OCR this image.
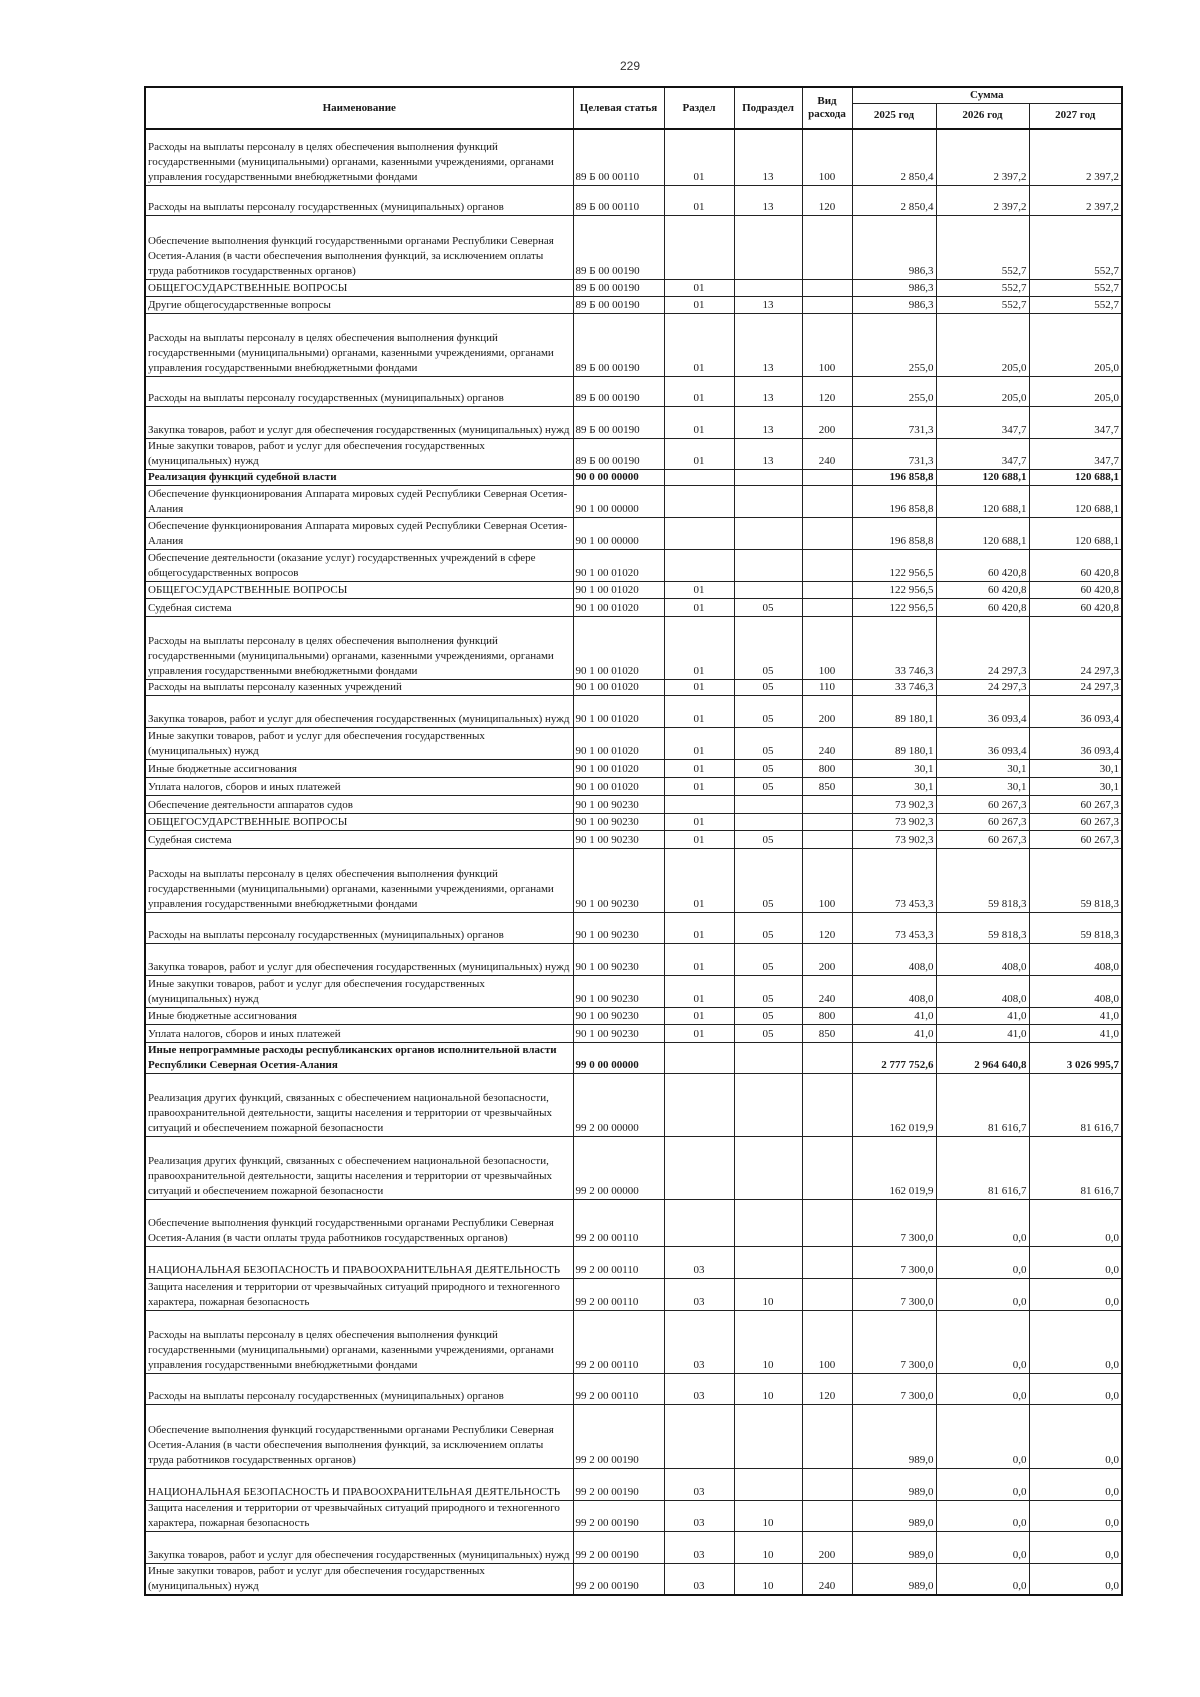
229
Наименование	Целевая статья	Раздел	Подраздел	Вид расхода	Сумма		
					2025 год	2026 год	2027 год
Расходы на выплаты персоналу в целях обеспечения выполнения функций государственными (муниципальными) органами, казенными учреждениями, органами управления государственными внебюджетными фондами	89 Б 00 00110	01	13	100	2 850,4	2 397,2	2 397,2
Расходы на выплаты персоналу государственных (муниципальных) органов	89 Б 00 00110	01	13	120	2 850,4	2 397,2	2 397,2
Обеспечение выполнения функций государственными органами Республики Северная Осетия-Алания (в части обеспечения выполнения функций, за исключением оплаты труда работников государственных органов)	89 Б 00 00190				986,3	552,7	552,7
ОБЩЕГОСУДАРСТВЕННЫЕ ВОПРОСЫ	89 Б 00 00190	01			986,3	552,7	552,7
Другие общегосударственные вопросы	89 Б 00 00190	01	13		986,3	552,7	552,7
Расходы на выплаты персоналу в целях обеспечения выполнения функций государственными (муниципальными) органами, казенными учреждениями, органами управления государственными внебюджетными фондами	89 Б 00 00190	01	13	100	255,0	205,0	205,0
Расходы на выплаты персоналу государственных (муниципальных) органов	89 Б 00 00190	01	13	120	255,0	205,0	205,0
Закупка товаров, работ и услуг для обеспечения государственных (муниципальных) нужд	89 Б 00 00190	01	13	200	731,3	347,7	347,7
Иные закупки товаров, работ и услуг для обеспечения государственных (муниципальных) нужд	89 Б 00 00190	01	13	240	731,3	347,7	347,7
Реализация функций судебной власти	90 0 00 00000				196 858,8	120 688,1	120 688,1
Обеспечение функционирования Аппарата мировых судей Республики Северная Осетия-Алания	90 1 00 00000				196 858,8	120 688,1	120 688,1
Обеспечение функционирования Аппарата мировых судей Республики Северная Осетия-Алания	90 1 00 00000				196 858,8	120 688,1	120 688,1
Обеспечение деятельности (оказание услуг) государственных учреждений в сфере общегосударственных вопросов	90 1 00 01020				122 956,5	60 420,8	60 420,8
ОБЩЕГОСУДАРСТВЕННЫЕ ВОПРОСЫ	90 1 00 01020	01			122 956,5	60 420,8	60 420,8
Судебная система	90 1 00 01020	01	05		122 956,5	60 420,8	60 420,8
Расходы на выплаты персоналу в целях обеспечения выполнения функций государственными (муниципальными) органами, казенными учреждениями, органами управления государственными внебюджетными фондами	90 1 00 01020	01	05	100	33 746,3	24 297,3	24 297,3
Расходы на выплаты персоналу казенных учреждений	90 1 00 01020	01	05	110	33 746,3	24 297,3	24 297,3
Закупка товаров, работ и услуг для обеспечения государственных (муниципальных) нужд	90 1 00 01020	01	05	200	89 180,1	36 093,4	36 093,4
Иные закупки товаров, работ и услуг для обеспечения государственных (муниципальных) нужд	90 1 00 01020	01	05	240	89 180,1	36 093,4	36 093,4
Иные бюджетные ассигнования	90 1 00 01020	01	05	800	30,1	30,1	30,1
Уплата налогов, сборов и иных платежей	90 1 00 01020	01	05	850	30,1	30,1	30,1
Обеспечение деятельности аппаратов судов	90 1 00 90230				73 902,3	60 267,3	60 267,3
ОБЩЕГОСУДАРСТВЕННЫЕ ВОПРОСЫ	90 1 00 90230	01			73 902,3	60 267,3	60 267,3
Судебная система	90 1 00 90230	01	05		73 902,3	60 267,3	60 267,3
Расходы на выплаты персоналу в целях обеспечения выполнения функций государственными (муниципальными) органами, казенными учреждениями, органами управления государственными внебюджетными фондами	90 1 00 90230	01	05	100	73 453,3	59 818,3	59 818,3
Расходы на выплаты персоналу государственных (муниципальных) органов	90 1 00 90230	01	05	120	73 453,3	59 818,3	59 818,3
Закупка товаров, работ и услуг для обеспечения государственных (муниципальных) нужд	90 1 00 90230	01	05	200	408,0	408,0	408,0
Иные закупки товаров, работ и услуг для обеспечения государственных (муниципальных) нужд	90 1 00 90230	01	05	240	408,0	408,0	408,0
Иные бюджетные ассигнования	90 1 00 90230	01	05	800	41,0	41,0	41,0
Уплата налогов, сборов и иных платежей	90 1 00 90230	01	05	850	41,0	41,0	41,0
Иные непрограммные расходы республиканских органов исполнительной власти Республики Северная Осетия-Алания	99 0 00 00000				2 777 752,6	2 964 640,8	3 026 995,7
Реализация других функций, связанных с обеспечением национальной безопасности, правоохранительной деятельности, защиты населения и территории от чрезвычайных ситуаций и обеспечением пожарной безопасности	99 2 00 00000				162 019,9	81 616,7	81 616,7
Реализация других функций, связанных с обеспечением национальной безопасности, правоохранительной деятельности, защиты населения и территории от чрезвычайных ситуаций и обеспечением пожарной безопасности	99 2 00 00000				162 019,9	81 616,7	81 616,7
Обеспечение выполнения функций государственными органами Республики Северная Осетия-Алания (в части оплаты труда работников государственных органов)	99 2 00 00110				7 300,0	0,0	0,0
НАЦИОНАЛЬНАЯ БЕЗОПАСНОСТЬ И ПРАВООХРАНИТЕЛЬНАЯ ДЕЯТЕЛЬНОСТЬ	99 2 00 00110	03			7 300,0	0,0	0,0
Защита населения и территории от чрезвычайных ситуаций природного и техногенного характера, пожарная безопасность	99 2 00 00110	03	10		7 300,0	0,0	0,0
Расходы на выплаты персоналу в целях обеспечения выполнения функций государственными (муниципальными) органами, казенными учреждениями, органами управления государственными внебюджетными фондами	99 2 00 00110	03	10	100	7 300,0	0,0	0,0
Расходы на выплаты персоналу государственных (муниципальных) органов	99 2 00 00110	03	10	120	7 300,0	0,0	0,0
Обеспечение выполнения функций государственными органами Республики Северная Осетия-Алания (в части обеспечения выполнения функций, за исключением оплаты труда работников государственных органов)	99 2 00 00190				989,0	0,0	0,0
НАЦИОНАЛЬНАЯ БЕЗОПАСНОСТЬ И ПРАВООХРАНИТЕЛЬНАЯ ДЕЯТЕЛЬНОСТЬ	99 2 00 00190	03			989,0	0,0	0,0
Защита населения и территории от чрезвычайных ситуаций природного и техногенного характера, пожарная безопасность	99 2 00 00190	03	10		989,0	0,0	0,0
Закупка товаров, работ и услуг для обеспечения государственных (муниципальных) нужд	99 2 00 00190	03	10	200	989,0	0,0	0,0
Иные закупки товаров, работ и услуг для обеспечения государственных (муниципальных) нужд	99 2 00 00190	03	10	240	989,0	0,0	0,0
